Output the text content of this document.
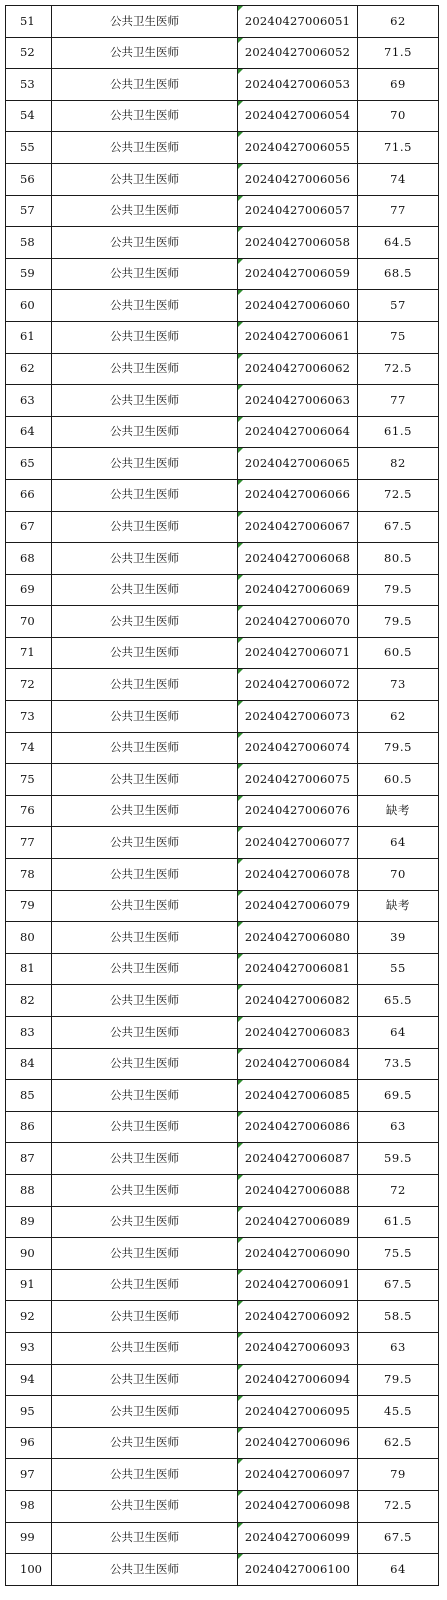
51	公共卫生医师	20240427006051	62
52	公共卫生医师	20240427006052	71.5
53	公共卫生医师	20240427006053	69
54	公共卫生医师	20240427006054	70
55	公共卫生医师	20240427006055	71.5
56	公共卫生医师	20240427006056	74
57	公共卫生医师	20240427006057	77
58	公共卫生医师	20240427006058	64.5
59	公共卫生医师	20240427006059	68.5
60	公共卫生医师	20240427006060	57
61	公共卫生医师	20240427006061	75
62	公共卫生医师	20240427006062	72.5
63	公共卫生医师	20240427006063	77
64	公共卫生医师	20240427006064	61.5
65	公共卫生医师	20240427006065	82
66	公共卫生医师	20240427006066	72.5
67	公共卫生医师	20240427006067	67.5
68	公共卫生医师	20240427006068	80.5
69	公共卫生医师	20240427006069	79.5
70	公共卫生医师	20240427006070	79.5
71	公共卫生医师	20240427006071	60.5
72	公共卫生医师	20240427006072	73
73	公共卫生医师	20240427006073	62
74	公共卫生医师	20240427006074	79.5
75	公共卫生医师	20240427006075	60.5
76	公共卫生医师	20240427006076	缺考
77	公共卫生医师	20240427006077	64
78	公共卫生医师	20240427006078	70
79	公共卫生医师	20240427006079	缺考
80	公共卫生医师	20240427006080	39
81	公共卫生医师	20240427006081	55
82	公共卫生医师	20240427006082	65.5
83	公共卫生医师	20240427006083	64
84	公共卫生医师	20240427006084	73.5
85	公共卫生医师	20240427006085	69.5
86	公共卫生医师	20240427006086	63
87	公共卫生医师	20240427006087	59.5
88	公共卫生医师	20240427006088	72
89	公共卫生医师	20240427006089	61.5
90	公共卫生医师	20240427006090	75.5
91	公共卫生医师	20240427006091	67.5
92	公共卫生医师	20240427006092	58.5
93	公共卫生医师	20240427006093	63
94	公共卫生医师	20240427006094	79.5
95	公共卫生医师	20240427006095	45.5
96	公共卫生医师	20240427006096	62.5
97	公共卫生医师	20240427006097	79
98	公共卫生医师	20240427006098	72.5
99	公共卫生医师	20240427006099	67.5
100	公共卫生医师	20240427006100	64
